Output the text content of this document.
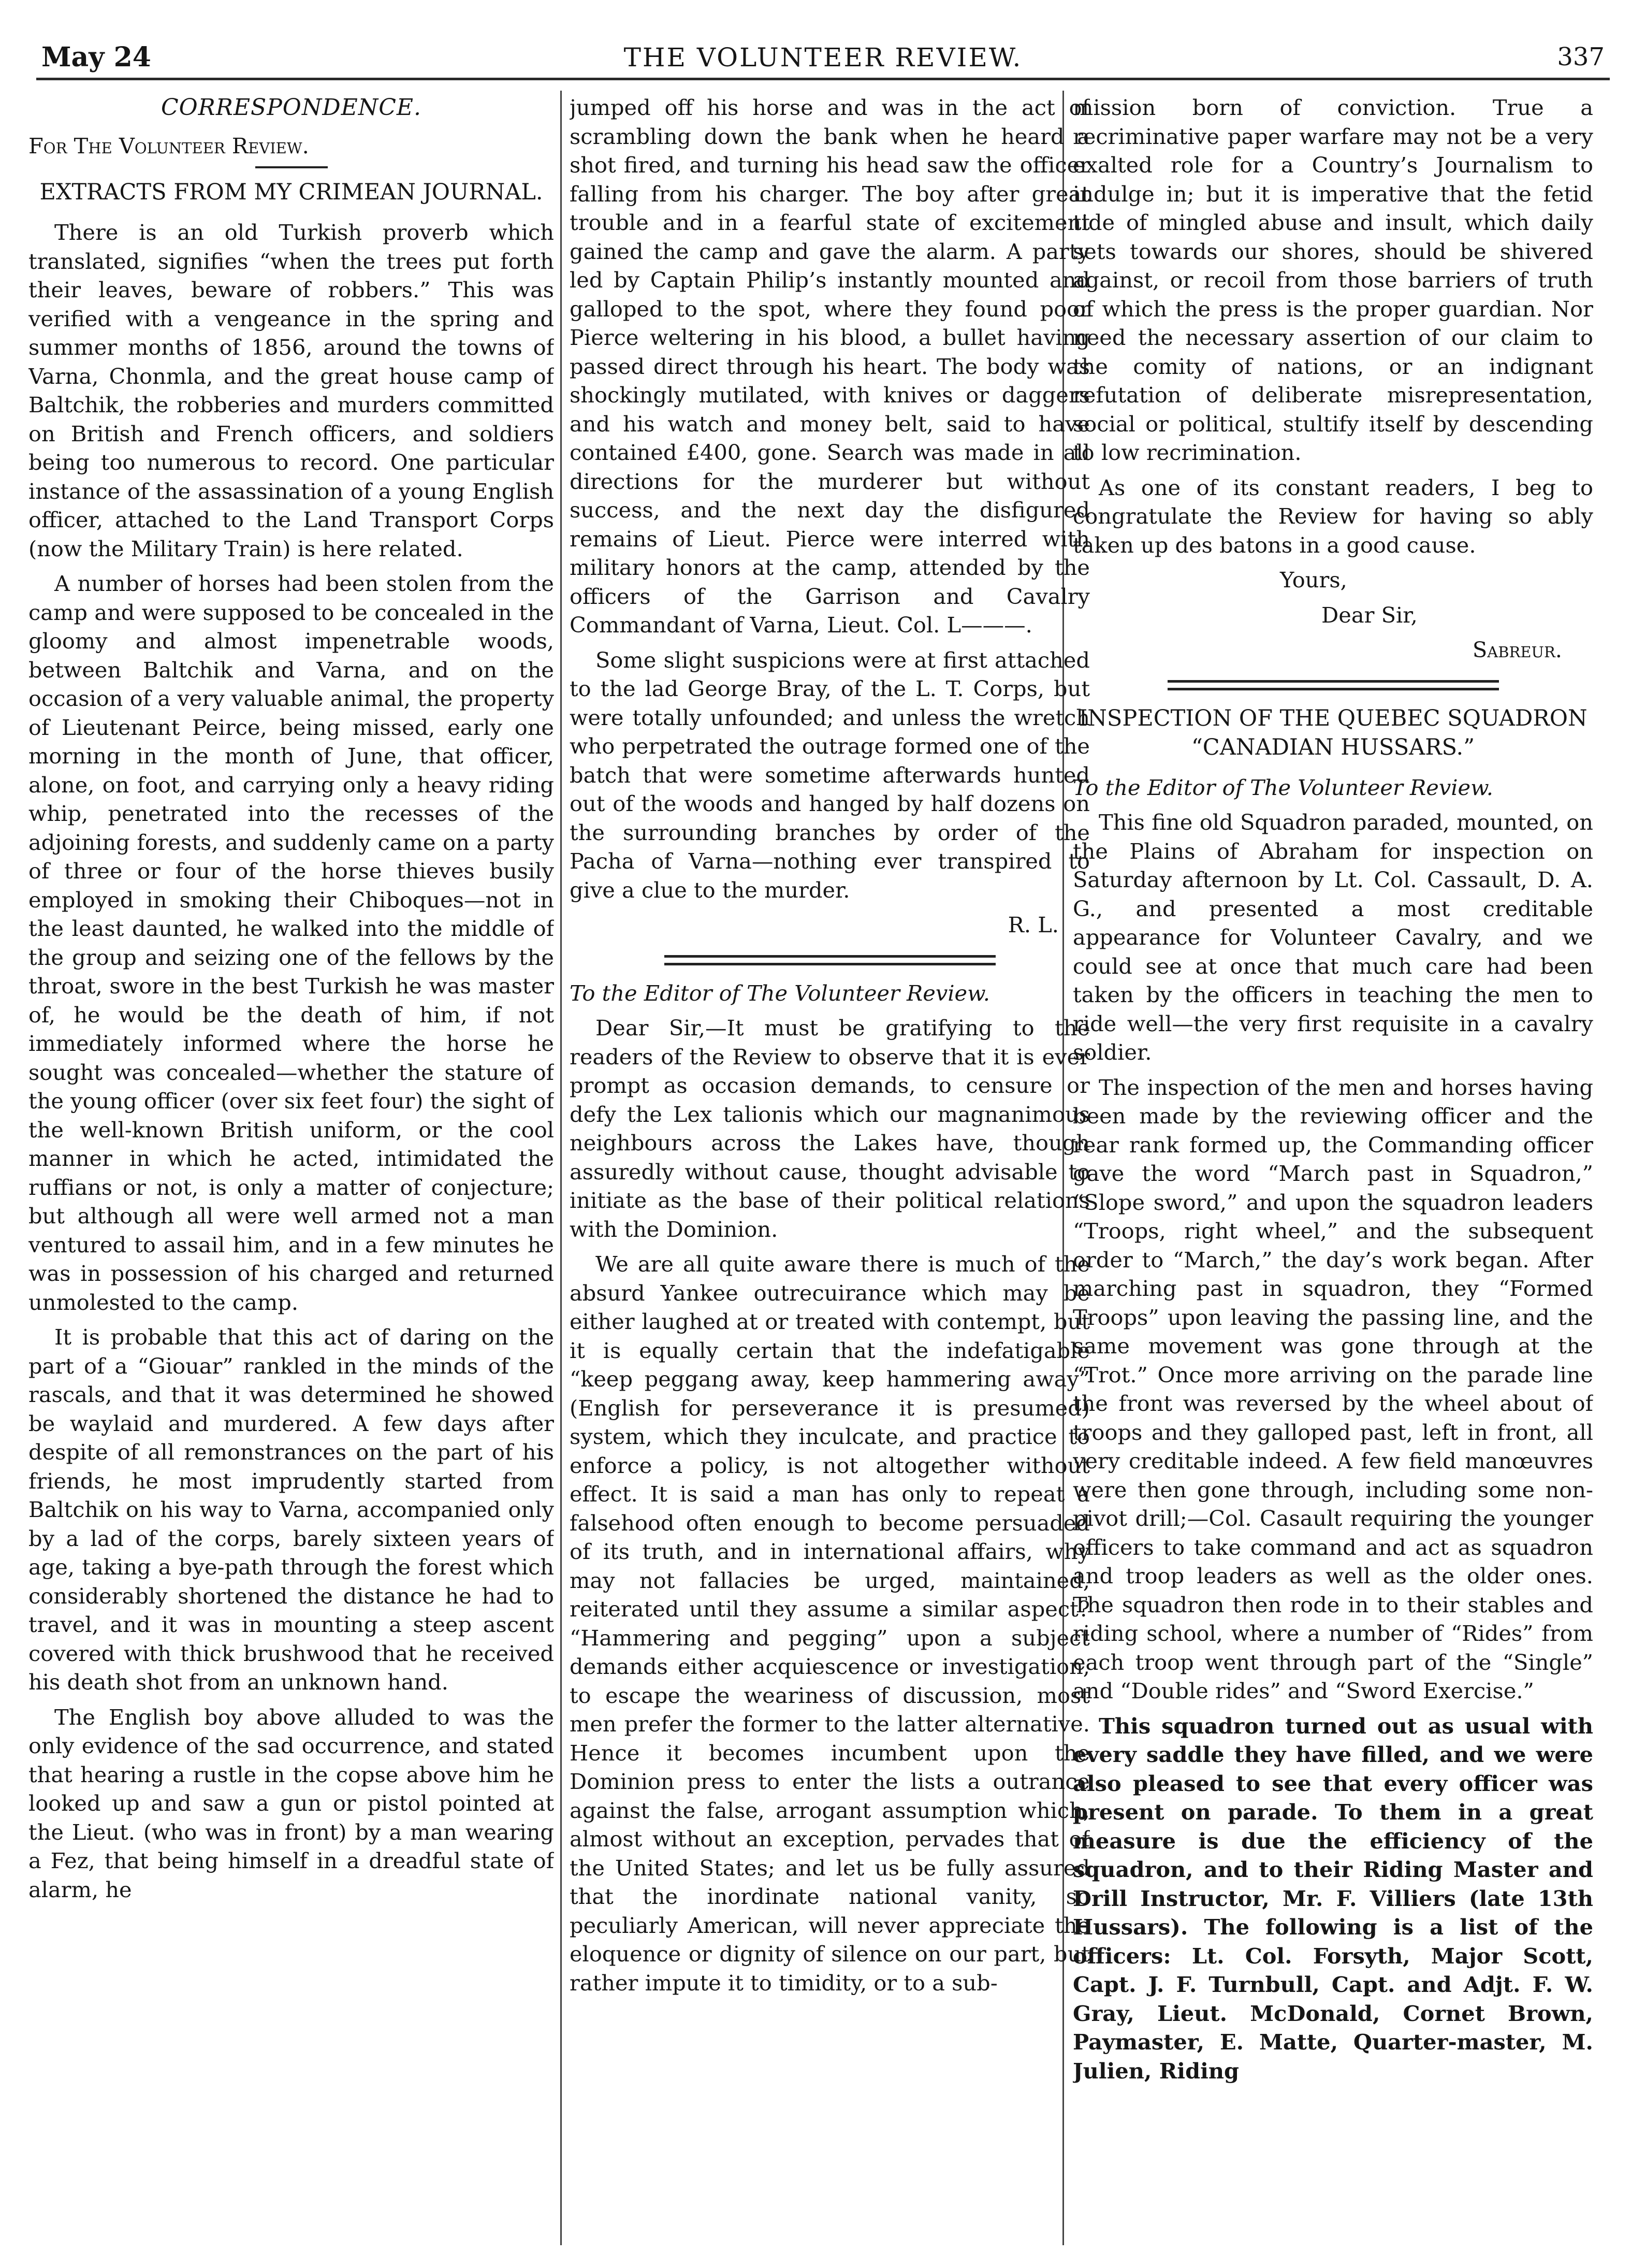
May 24	THE VOLUNTEER REVIEW.	337
CORRESPONDENCE.

For The Volunteer Review.

EXTRACTS FROM MY CRIMEAN JOURNAL.

There is an old Turkish proverb which translated, signifies “when the trees put forth their leaves, beware of robbers.” This was verified with a vengeance in the spring and summer months of 1856, around the towns of Varna, Chonmla, and the great house camp of Baltchik, the robberies and murders committed on British and French officers, and soldiers being too numerous to record. One particular instance of the assassination of a young English officer, attached to the Land Transport Corps (now the Military Train) is here related.

A number of horses had been stolen from the camp and were supposed to be concealed in the gloomy and almost impenetrable woods, between Baltchik and Varna, and on the occasion of a very valuable animal, the property of Lieutenant Peirce, being missed, early one morning in the month of June, that officer, alone, on foot, and carrying only a heavy riding whip, penetrated into the recesses of the adjoining forests, and suddenly came on a party of three or four of the horse thieves busily employed in smoking their Chiboques—not in the least daunted, he walked into the middle of the group and seizing one of the fellows by the throat, swore in the best Turkish he was master of, he would be the death of him, if not immediately informed where the horse he sought was concealed—whether the stature of the young officer (over six feet four) the sight of the well-known British uniform, or the cool manner in which he acted, intimidated the ruffians or not, is only a matter of conjecture; but although all were well armed not a man ventured to assail him, and in a few minutes he was in possession of his charged and returned unmolested to the camp.

It is probable that this act of daring on the part of a “Giouar” rankled in the minds of the rascals, and that it was determined he showed be waylaid and murdered. A few days after despite of all remonstrances on the part of his friends, he most imprudently started from Baltchik on his way to Varna, accompanied only by a lad of the corps, barely sixteen years of age, taking a bye-path through the forest which considerably shortened the distance he had to travel, and it was in mounting a steep ascent covered with thick brushwood that he received his death shot from an unknown hand.

The English boy above alluded to was the only evidence of the sad occurrence, and stated that hearing a rustle in the copse above him he looked up and saw a gun or pistol pointed at the Lieut. (who was in front) by a man wearing a Fez, that being himself in a dreadful state of alarm, he

jumped off his horse and was in the act of scrambling down the bank when he heard a shot fired, and turning his head saw the officer falling from his charger. The boy after great trouble and in a fearful state of excitement gained the camp and gave the alarm. A party led by Captain Philip’s instantly mounted and galloped to the spot, where they found poor Pierce weltering in his blood, a bullet having passed direct through his heart. The body was shockingly mutilated, with knives or daggers and his watch and money belt, said to have contained £400, gone. Search was made in all directions for the murderer but without success, and the next day the disfigured remains of Lieut. Pierce were interred with military honors at the camp, attended by the officers of the Garrison and Cavalry Commandant of Varna, Lieut. Col. L———.

Some slight suspicions were at first attached to the lad George Bray, of the L. T. Corps, but were totally unfounded; and unless the wretch who perpetrated the outrage formed one of the batch that were sometime afterwards hunted out of the woods and hanged by half dozens on the surrounding branches by order of the Pacha of Varna—nothing ever transpired to give a clue to the murder.

R. L.

To the Editor of The Volunteer Review.

Dear Sir,—It must be gratifying to the readers of the Review to observe that it is ever prompt as occasion demands, to censure or defy the Lex talionis which our magnanimous neighbours across the Lakes have, though assuredly without cause, thought advisable to initiate as the base of their political relations with the Dominion.

We are all quite aware there is much of the absurd Yankee outrecuirance which may be either laughed at or treated with contempt, but it is equally certain that the indefatigable “keep peggang away, keep hammering away” (English for perseverance it is presumed) system, which they inculcate, and practice to enforce a policy, is not altogether without effect. It is said a man has only to repeat a falsehood often enough to become persuaded of its truth, and in international affairs, why may not fallacies be urged, maintained, reiterated until they assume a similar aspect? “Hammering and pegging” upon a subject demands either acquiescence or investigation, to escape the weariness of discussion, most men prefer the former to the latter alternative. Hence it becomes incumbent upon the Dominion press to enter the lists a outrance against the false, arrogant assumption which, almost without an exception, pervades that of the United States; and let us be fully assured that the inordinate national vanity, so peculiarly American, will never appreciate the eloquence or dignity of silence on our part, but rather impute it to timidity, or to a sub-

mission born of conviction. True a recriminative paper warfare may not be a very exalted role for a Country’s Journalism to indulge in; but it is imperative that the fetid tide of mingled abuse and insult, which daily sets towards our shores, should be shivered against, or recoil from those barriers of truth of which the press is the proper guardian. Nor need the necessary assertion of our claim to the comity of nations, or an indignant refutation of deliberate misrepresentation, social or political, stultify itself by descending to low recrimination.

As one of its constant readers, I beg to congratulate the Review for having so ably taken up des batons in a good cause.

Yours,

Dear Sir,

Sabreur.

INSPECTION OF THE QUEBEC SQUADRON “CANADIAN HUSSARS.”

To the Editor of The Volunteer Review.

This fine old Squadron paraded, mounted, on the Plains of Abraham for inspection on Saturday afternoon by Lt. Col. Cassault, D. A. G., and presented a most creditable appearance for Volunteer Cavalry, and we could see at once that much care had been taken by the officers in teaching the men to ride well—the very first requisite in a cavalry soldier.

The inspection of the men and horses having been made by the reviewing officer and the rear rank formed up, the Commanding officer gave the word “March past in Squadron,” “Slope sword,” and upon the squadron leaders “Troops, right wheel,” and the subsequent order to “March,” the day’s work began. After marching past in squadron, they “Formed Troops” upon leaving the passing line, and the same movement was gone through at the “Trot.” Once more arriving on the parade line the front was reversed by the wheel about of troops and they galloped past, left in front, all very creditable indeed. A few field manœuvres were then gone through, including some non-pivot drill;—Col. Casault requiring the younger officers to take command and act as squadron and troop leaders as well as the older ones. The squadron then rode in to their stables and riding school, where a number of “Rides” from each troop went through part of the “Single” and “Double rides” and “Sword Exercise.”

This squadron turned out as usual with every saddle they have filled, and we were also pleased to see that every officer was present on parade. To them in a great measure is due the efficiency of the squadron, and to their Riding Master and Drill Instructor, Mr. F. Villiers (late 13th Hussars). The following is a list of the officers: Lt. Col. Forsyth, Major Scott, Capt. J. F. Turnbull, Capt. and Adjt. F. W. Gray, Lieut. McDonald, Cornet Brown, Paymaster, E. Matte, Quarter-master, M. Julien, Riding
